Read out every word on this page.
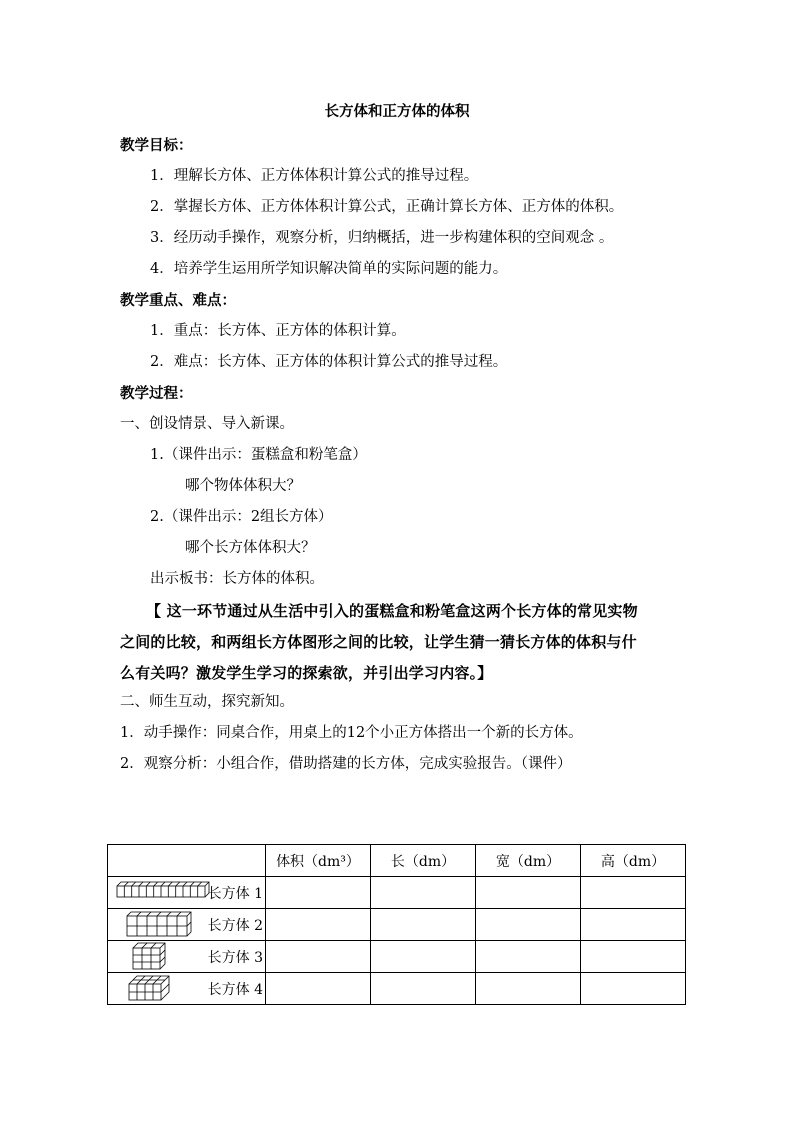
长方体和正方体的体积
教学目标：
1．理解长方体、正方体体积计算公式的推导过程。
2．掌握长方体、正方体体积计算公式，正确计算长方体、正方体的体积。
3．经历动手操作，观察分析，归纳概括，进一步构建体积的空间观念 。
4．培养学生运用所学知识解决简单的实际问题的能力。
教学重点、难点：
1．重点：长方体、正方体的体积计算。
2．难点：长方体、正方体的体积计算公式的推导过程。
教学过程：
一、创设情景、导入新课。
1.（课件出示：蛋糕盒和粉笔盒）
哪个物体体积大？
2.（课件出示：2组长方体）
哪个长方体体积大？
出示板书：长方体的体积。
【 这一环节通过从生活中引入的蛋糕盒和粉笔盒这两个长方体的常见实物
之间的比较，和两组长方体图形之间的比较，让学生猜一猜长方体的体积与什
么有关吗？激发学生学习的探索欲，并引出学习内容。】
二、师生互动，探究新知。
1．动手操作：同桌合作，用桌上的12个小正方体搭出一个新的长方体。
2．观察分析：小组合作，借助搭建的长方体，完成实验报告。（课件）
	体积（dm³）	长（dm）	宽（dm）	高（dm）

长方体 1				

长方体 2				

长方体 3				

长方体 4				
